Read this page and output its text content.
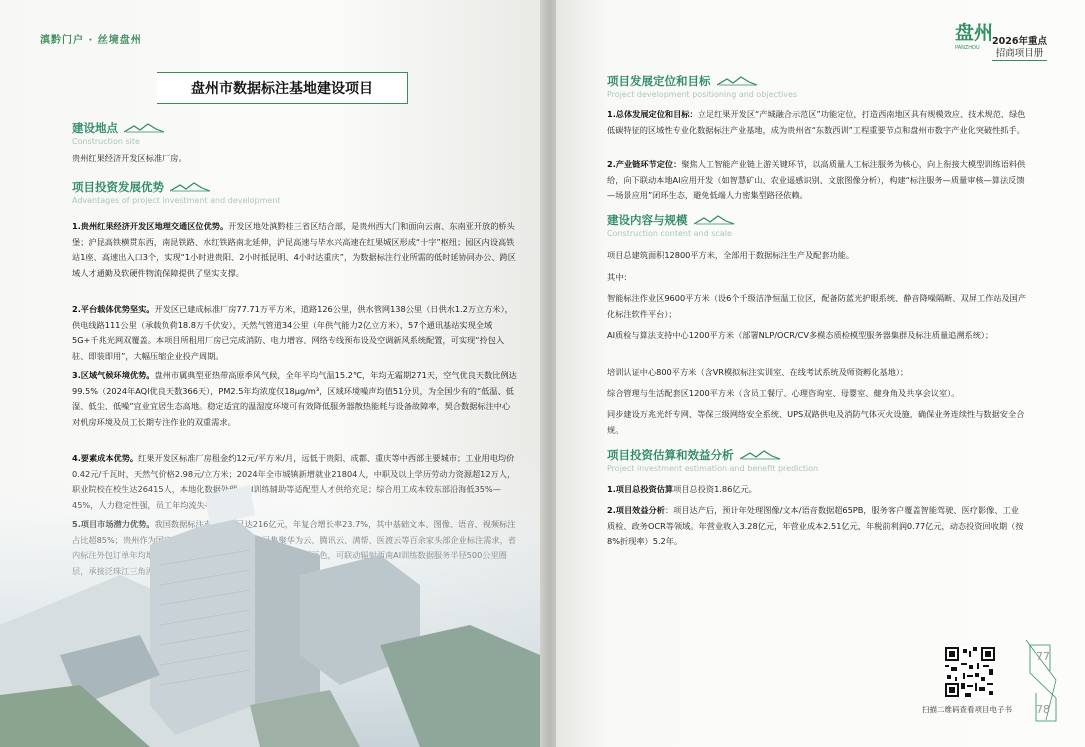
滇黔门户 · 丝境盘州
盘州市数据标注基地建设项目
建设地点
Construction site

贵州红果经济开发区标准厂房。

项目投资发展优势
Advantages of project investment and development

1.贵州红果经济开发区地理交通区位优势。开发区地处滇黔桂三省区结合部，是贵州西大门和面向云南、东南亚开放的桥头堡；沪昆高铁横贯东西，南昆铁路、水红铁路南北延伸，沪昆高速与毕水兴高速在红果城区形成“十字”枢纽；园区内设高铁站1座、高速出入口3个，实现“1小时进贵阳、2小时抵昆明、4小时达重庆”，为数据标注行业所需的低时延协同办公、跨区域人才通勤及软硬件物流保障提供了坚实支撑。

2.平台载体优势坚实。开发区已建成标准厂房77.71万平方米，道路126公里，供水管网138公里（日供水1.2万立方米），供电线路111公里（承载负荷18.8万千伏安），天然气管道34公里（年供气能力2亿立方米），57个通讯基站实现全域5G+千兆光网双覆盖。本项目所租用厂房已完成消防、电力增容、网络专线预布设及空调新风系统配置，可实现“拎包入驻、即装即用”，大幅压缩企业投产周期。

3.区域气候环境优势。盘州市属典型亚热带高原季风气候，全年平均气温15.2℃，年均无霜期271天，空气优良天数比例达99.5%（2024年AQI优良天数366天），PM2.5年均浓度仅18μg/m³，区域环境噪声均值51分贝，为全国少有的“低温、低湿、低尘、低噪”宜业宜居生态高地。稳定适宜的温湿度环境可有效降低服务器散热能耗与设备故障率，契合数据标注中心对机房环境及员工长期专注作业的双重需求。

盘州
PANZHOU
2026年重点
招商项目册
项目发展定位和目标
Project development positioning and objectives

1.总体发展定位和目标：立足红果开发区“产城融合示范区”功能定位，打造西南地区具有规模效应、技术规范、绿色低碳特征的区域性专业化数据标注产业基地，成为贵州省“东数西训”工程重要节点和盘州市数字产业化突破性抓手。

2.产业链环节定位：聚焦人工智能产业链上游关键环节，以高质量人工标注服务为核心，向上衔接大模型训练语料供给，向下联动本地AI应用开发（如智慧矿山、农业遥感识别、文旅图像分析），构建“标注服务—质量审核—算法反馈—场景应用”闭环生态，避免低端人力密集型路径依赖。

建设内容与规模
Construction content and scale

项目总建筑面积12800平方米，全部用于数据标注生产及配套功能。

其中：

智能标注作业区9600平方米（设6个千级洁净恒温工位区，配备防蓝光护眼系统、静音降噪隔断、双屏工作站及国产化标注软件平台）；

AI质检与算法支持中心1200平方米（部署NLP/OCR/CV多模态质检模型服务器集群及标注质量追溯系统）；

培训认证中心800平方米（含VR模拟标注实训室、在线考试系统及师资孵化基地）；

综合管理与生活配套区1200平方米（含员工餐厅、心理咨询室、母婴室、健身角及共享会议室）。

同步建设万兆光纤专网、等保三级网络安全系统、UPS双路供电及消防气体灭火设施，确保业务连续性与数据安全合规。

项目投资估算和效益分析
Project investment estimation and benefit prediction

1.项目总投资估算项目总投资1.86亿元。

2.项目效益分析：项目达产后，预计年处理图像/文本/语音数据超65PB，服务客户覆盖智能驾驶、医疗影像、工业质检、政务OCR等领域。年营业收入3.28亿元，年营业成本2.51亿元，年税前利润0.77亿元，动态投资回收期（按8%折现率）5.2年。

扫描二维码查看项目电子书
77
78
